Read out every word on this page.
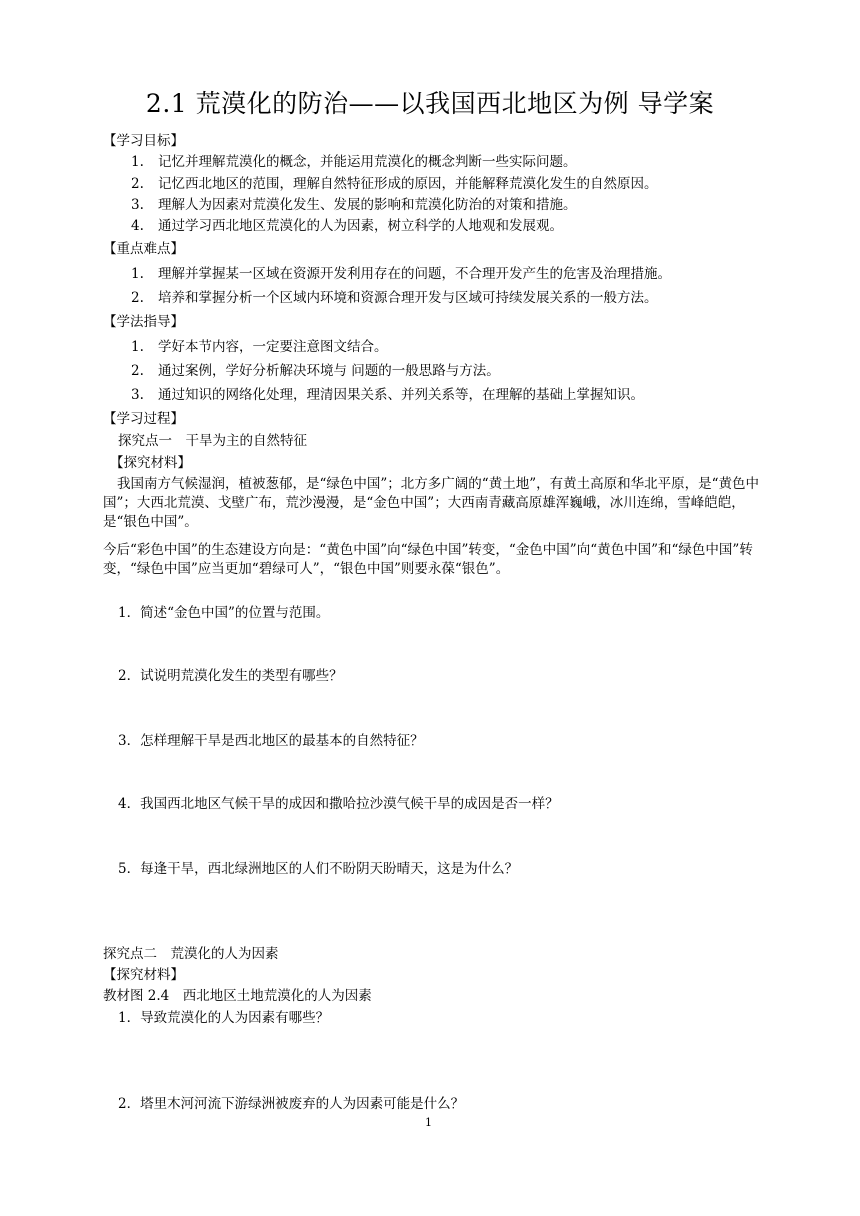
2.1 荒漠化的防治——以我国西北地区为例 导学案
【学习目标】
1. 记忆并理解荒漠化的概念，并能运用荒漠化的概念判断一些实际问题。
2. 记忆西北地区的范围，理解自然特征形成的原因，并能解释荒漠化发生的自然原因。
3. 理解人为因素对荒漠化发生、发展的影响和荒漠化防治的对策和措施。
4. 通过学习西北地区荒漠化的人为因素，树立科学的人地观和发展观。
【重点难点】
1. 理解并掌握某一区域在资源开发利用存在的问题，不合理开发产生的危害及治理措施。
2. 培养和掌握分析一个区域内环境和资源合理开发与区域可持续发展关系的一般方法。
【学法指导】
1. 学好本节内容，一定要注意图文结合。
2. 通过案例，学好分析解决环境与 问题的一般思路与方法。
3. 通过知识的网络化处理，理清因果关系、并列关系等，在理解的基础上掌握知识。
【学习过程】
探究点一　干旱为主的自然特征
【探究材料】
我国南方气候湿润，植被葱郁，是“绿色中国”；北方多广阔的“黄土地”，有黄土高原和华北平原，是“黄色中国”；大西北荒漠、戈壁广布，荒沙漫漫，是“金色中国”；大西南青藏高原雄浑巍峨，冰川连绵，雪峰皑皑，是“银色中国”。
今后“彩色中国”的生态建设方向是：“黄色中国”向“绿色中国”转变，“金色中国”向“黄色中国”和“绿色中国”转变，“绿色中国”应当更加“碧绿可人”，“银色中国”则要永葆“银色”。
1．简述“金色中国”的位置与范围。
2．试说明荒漠化发生的类型有哪些？
3．怎样理解干旱是西北地区的最基本的自然特征？
4．我国西北地区气候干旱的成因和撒哈拉沙漠气候干旱的成因是否一样？
5．每逢干旱，西北绿洲地区的人们不盼阴天盼晴天，这是为什么？
探究点二　荒漠化的人为因素
【探究材料】
教材图 2.4　西北地区土地荒漠化的人为因素
1．导致荒漠化的人为因素有哪些？
2．塔里木河河流下游绿洲被废弃的人为因素可能是什么？
1
